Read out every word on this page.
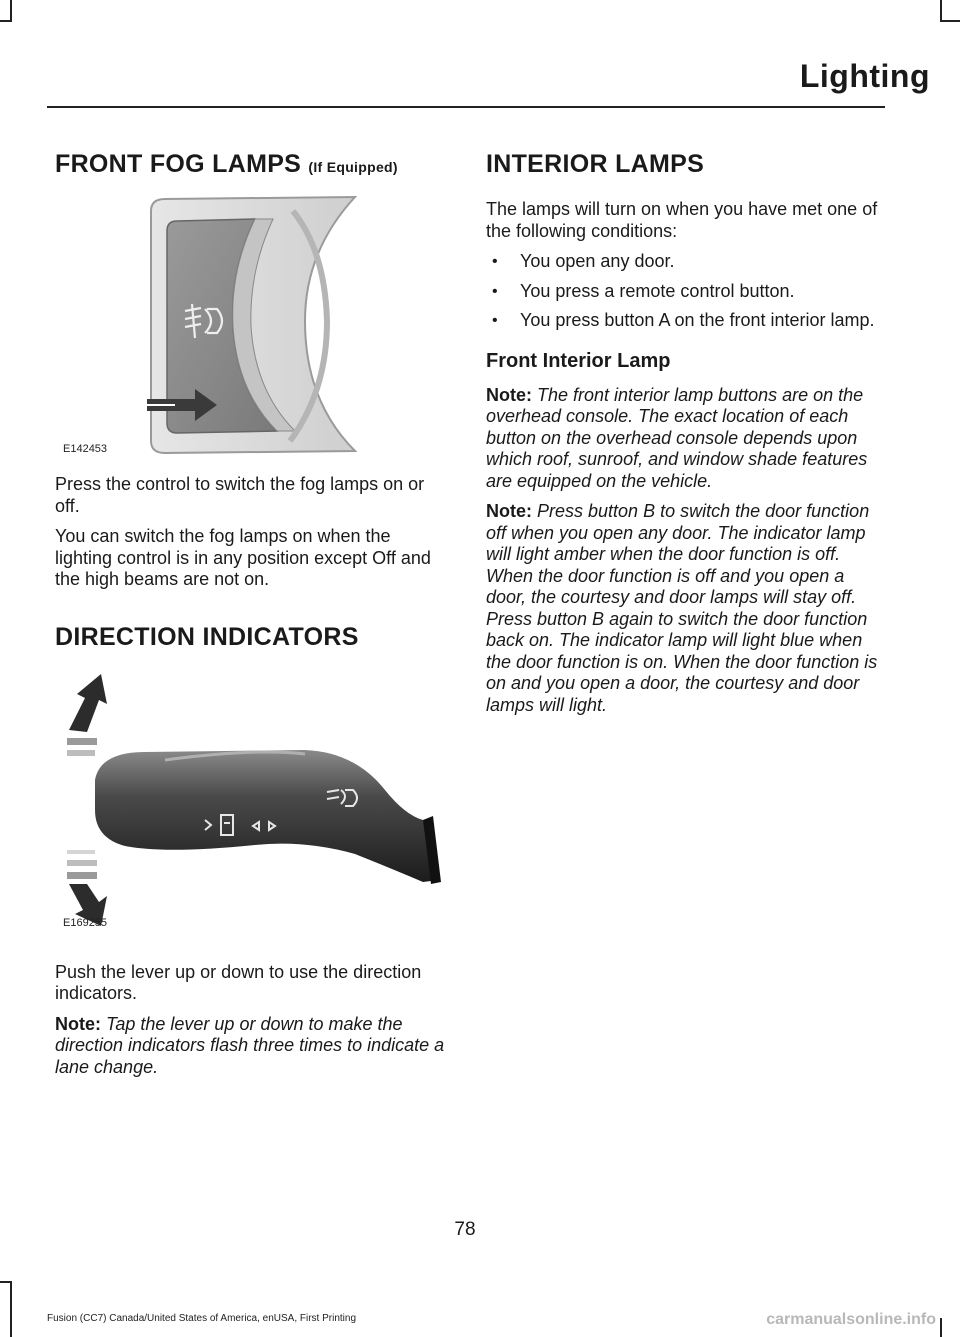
Lighting
FRONT FOG LAMPS (If Equipped)
E142453

Press the control to switch the fog lamps on or off.

You can switch the fog lamps on when the lighting control is in any position except Off and the high beams are not on.

DIRECTION INDICATORS
E169255

Push the lever up or down to use the direction indicators.

Note: Tap the lever up or down to make the direction indicators flash three times to indicate a lane change.

INTERIOR LAMPS

The lamps will turn on when you have met one of the following conditions:

• You open any door.
• You press a remote control button.
• You press button A on the front interior lamp.
Front Interior Lamp

Note: The front interior lamp buttons are on the overhead console. The exact location of each button on the overhead console depends upon which roof, sunroof, and window shade features are equipped on the vehicle.

Note: Press button B to switch the door function off when you open any door. The indicator lamp will light amber when the door function is off. When the door function is off and you open a door, the courtesy and door lamps will stay off. Press button B again to switch the door function back on. The indicator lamp will light blue when the door function is on. When the door function is on and you open a door, the courtesy and door lamps will light.

78
Fusion (CC7) Canada/United States of America, enUSA, First Printing	carmanualsonline.info
